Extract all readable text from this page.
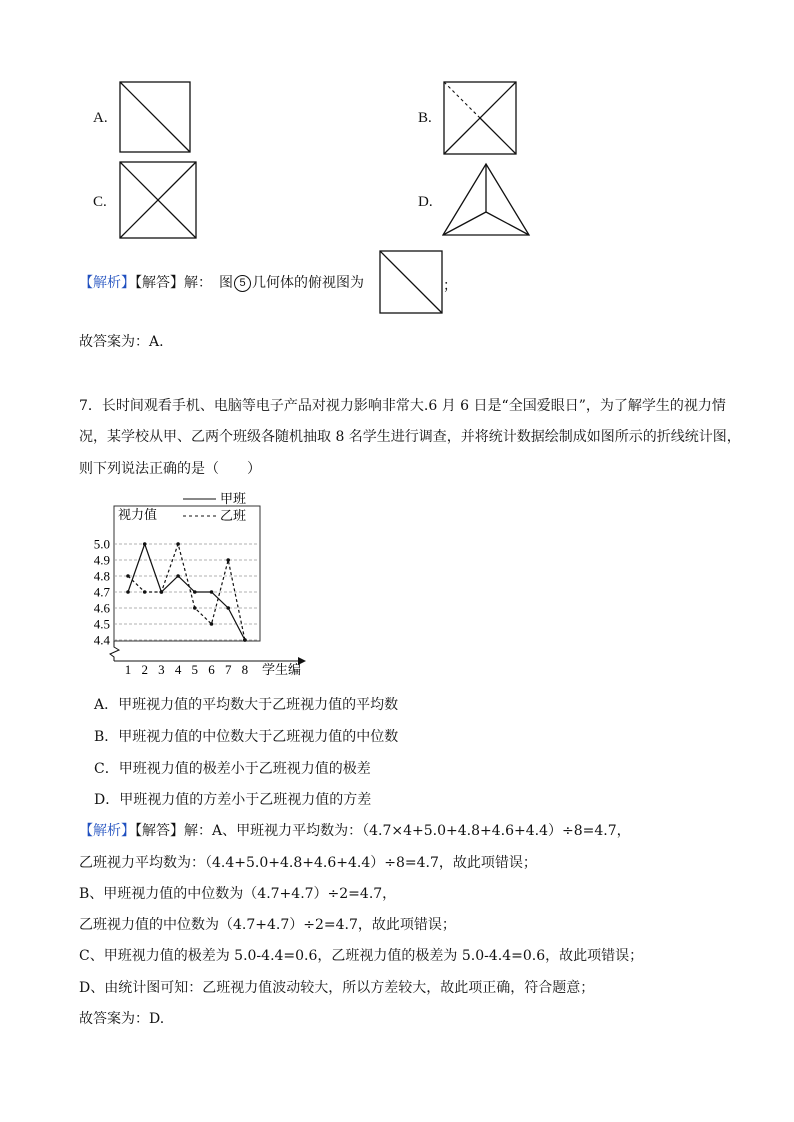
A.	B.
C.	D.
【解析】【解答】解：　图 5 几何体的俯视图为	；
故答案为：A.
7．长时间观看手机、电脑等电子产品对视力影响非常大.6 月 6 日是“全国爱眼日”，为了解学生的视力情
况，某学校从甲、乙两个班级各随机抽取 8 名学生进行调查，并将统计数据绘制成如图所示的折线统计图，
则下列说法正确的是（　　）
视力值
甲班
乙班
学生编
5.0
4.9
4.8
4.7
4.6
4.5
4.4
1 2 3 4 5 6 7 8
A．甲班视力值的平均数大于乙班视力值的平均数
B．甲班视力值的中位数大于乙班视力值的中位数
C．甲班视力值的极差小于乙班视力值的极差
D．甲班视力值的方差小于乙班视力值的方差
【解析】【解答】解：A、甲班视力平均数为：（4.7×4+5.0+4.8+4.6+4.4）÷8=4.7，
乙班视力平均数为：（4.4+5.0+4.8+4.6+4.4）÷8=4.7，故此项错误；
B、甲班视力值的中位数为（4.7+4.7）÷2=4.7，
乙班视力值的中位数为（4.7+4.7）÷2=4.7，故此项错误；
C、甲班视力值的极差为 5.0-4.4=0.6，乙班视力值的极差为 5.0-4.4=0.6，故此项错误；
D、由统计图可知：乙班视力值波动较大，所以方差较大，故此项正确，符合题意；
故答案为：D.
